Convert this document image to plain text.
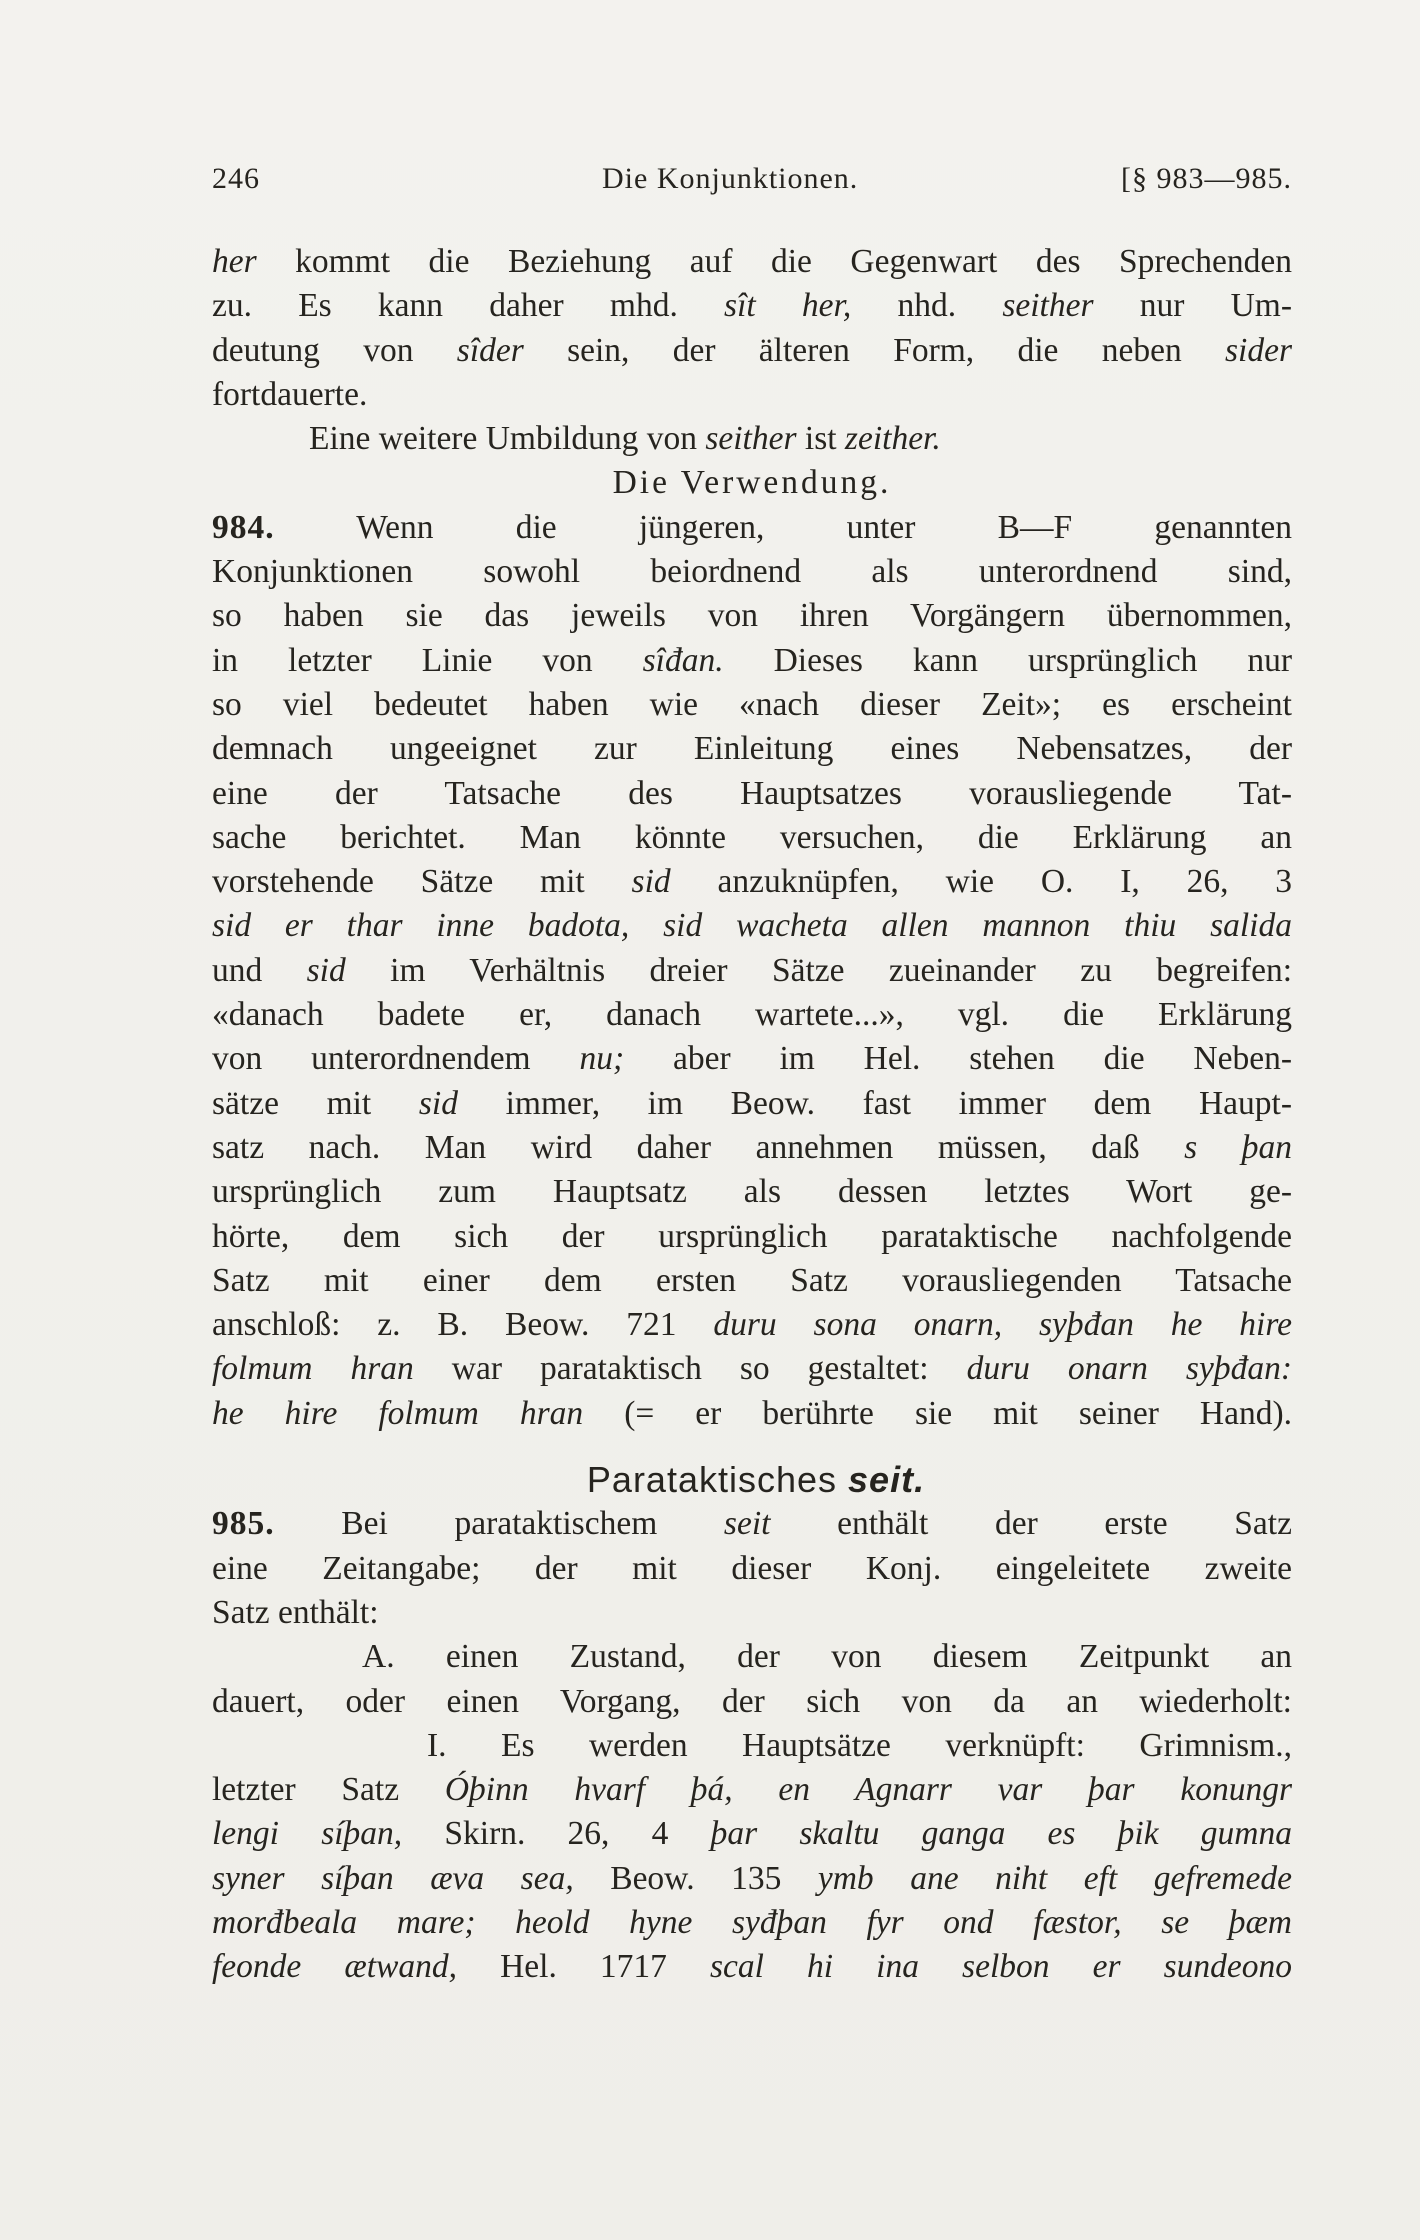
246	Die Konjunktionen.	[§ 983—985.
her kommt die Beziehung auf die Gegenwart des Sprechenden
zu. Es kann daher mhd. sît her, nhd. seither nur Um-
deutung von sîder sein, der älteren Form, die neben sider
fortdauerte.
Eine weitere Umbildung von seither ist zeither.
Die Verwendung.
984. Wenn die jüngeren, unter B—F genannten
Konjunktionen sowohl beiordnend als unterordnend sind,
so haben sie das jeweils von ihren Vorgängern übernommen,
in letzter Linie von sîđan. Dieses kann ursprünglich nur
so viel bedeutet haben wie «nach dieser Zeit»; es erscheint
demnach ungeeignet zur Einleitung eines Nebensatzes, der
eine der Tatsache des Hauptsatzes vorausliegende Tat-
sache berichtet. Man könnte versuchen, die Erklärung an
vorstehende Sätze mit sid anzuknüpfen, wie O. I, 26, 3
sid er thar inne badota, sid wacheta allen mannon thiu salida
und sid im Verhältnis dreier Sätze zueinander zu begreifen:
«danach badete er, danach wartete...», vgl. die Erklärung
von unterordnendem nu; aber im Hel. stehen die Neben-
sätze mit sid immer, im Beow. fast immer dem Haupt-
satz nach. Man wird daher annehmen müssen, daß s þan
ursprünglich zum Hauptsatz als dessen letztes Wort ge-
hörte, dem sich der ursprünglich parataktische nachfolgende
Satz mit einer dem ersten Satz vorausliegenden Tatsache
anschloß: z. B. Beow. 721 duru sona onarn, syþđan he hire
folmum hran war parataktisch so gestaltet: duru onarn syþđan:
he hire folmum hran (= er berührte sie mit seiner Hand).
Parataktisches seit.
985. Bei parataktischem seit enthält der erste Satz
eine Zeitangabe; der mit dieser Konj. eingeleitete zweite
Satz enthält:
A. einen Zustand, der von diesem Zeitpunkt an
dauert, oder einen Vorgang, der sich von da an wiederholt:
I. Es werden Hauptsätze verknüpft: Grimnism.,
letzter Satz Óþinn hvarf þá, en Agnarr var þar konungr
lengi síþan, Skirn. 26, 4 þar skaltu ganga es þik gumna
syner síþan æva sea, Beow. 135 ymb ane niht eft gefremede
morđbeala mare; heold hyne syđþan fyr ond fæstor, se þæm
feonde ætwand, Hel. 1717 scal hi ina selbon er sundeono
